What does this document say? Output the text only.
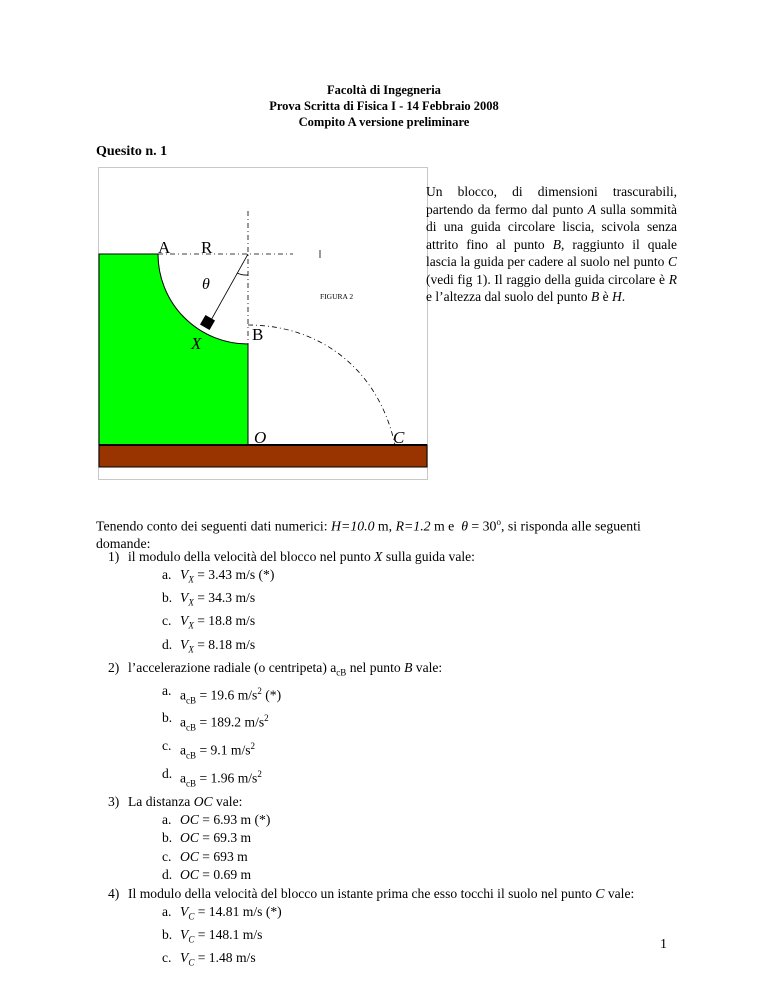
Facoltà di Ingegneria
Prova Scritta di Fisica I - 14 Febbraio 2008
Compito A versione preliminare
Quesito n. 1
A R
θ
FIGURA 2
B
X
O	C
Un blocco, di dimensioni trascurabili, partendo da fermo dal punto A sulla sommità di una guida circolare liscia, scivola senza attrito fino al punto B, raggiunto il quale lascia la guida per cadere al suolo nel punto C (vedi fig 1). Il raggio della guida circolare è R e l’altezza dal suolo del punto B è H.
Tenendo conto dei seguenti dati numerici: H=10.0 m, R=1.2 m e  $\theta = 30^o$, si risponda alle seguenti domande:
1) il modulo della velocità del blocco nel punto X sulla guida vale:
a. $V_X = 3.43$ m/s (*)
b. $V_X = 34.3$ m/s
c. $V_X = 18.8$ m/s
d. $V_X = 8.18$ m/s
2) l’accelerazione radiale (o centripeta) $a_{cB}$ nel punto B vale:
a. $a_{cB} = 19.6$ $m/s^2$ (*)
b. $a_{cB} = 189.2$ $m/s^2$
c. $a_{cB} = 9.1$ $m/s^2$
d. $a_{cB} = 1.96$ $m/s^2$
3) La distanza OC vale:
a. OC = 6.93 m (*)
b. OC = 69.3 m
c. OC = 693 m
d. OC = 0.69 m
4) Il modulo della velocità del blocco un istante prima che esso tocchi il suolo nel punto C vale:
a. $V_C = 14.81$ m/s (*)
b. $V_C = 148.1$ m/s
c. $V_C = 1.48$ m/s
1
